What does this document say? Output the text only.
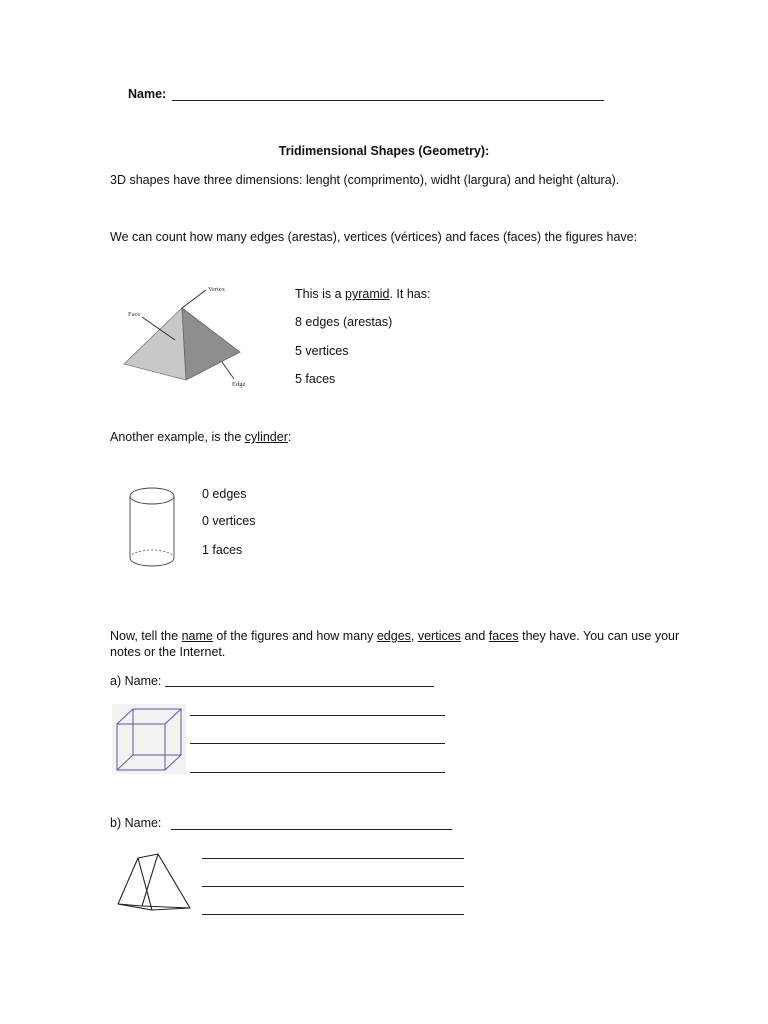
Name:
Tridimensional Shapes (Geometry):
3D shapes have three dimensions: lenght (comprimento), widht (largura) and height (altura).
We can count how many edges (arestas), vertices (vértices) and faces (faces) the figures have:
Vertex
Face
Edge
This is a pyramid. It has:
8 edges (arestas)
5 vertices
5 faces
Another example, is the cylinder:
0 edges
0 vertices
1 faces
Now, tell the name of the figures and how many edges, vertices and faces they have. You can use your
notes or the Internet.
a) Name:
b) Name:
